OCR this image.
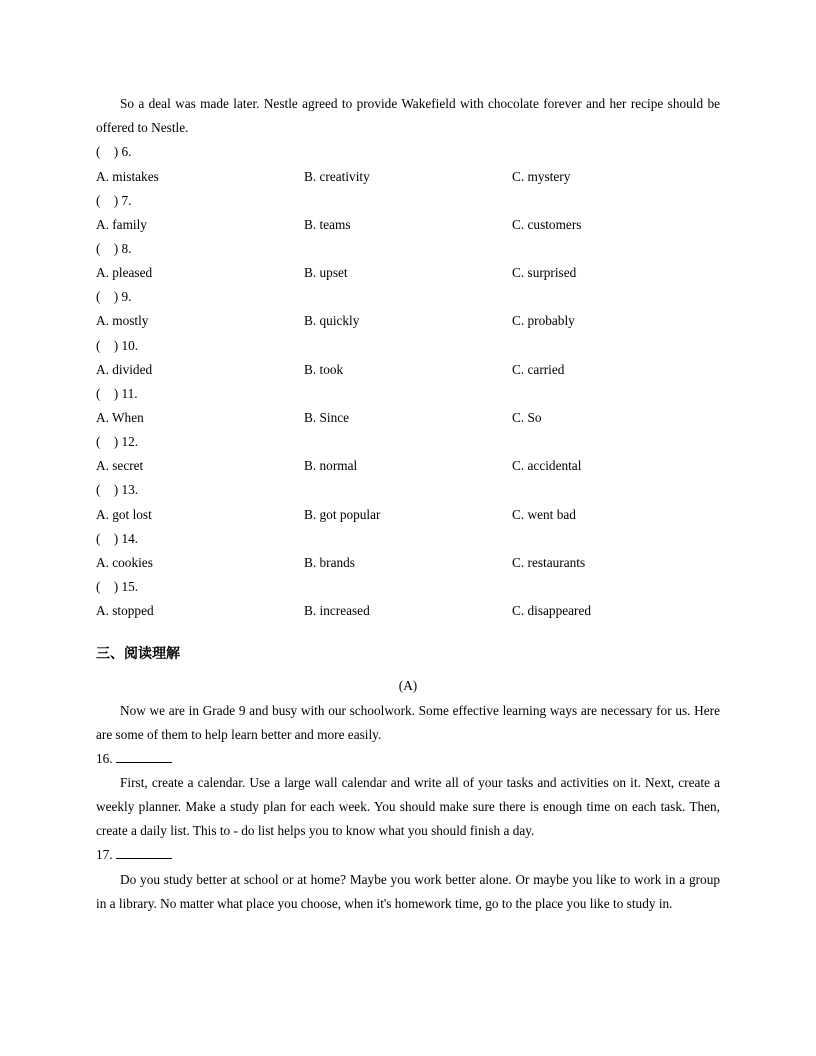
So a deal was made later. Nestle agreed to provide Wakefield with chocolate forever and her recipe should be offered to Nestle.

(    ) 6.
A. mistakes	B. creativity	C. mystery
(    ) 7.
A. family	B. teams	C. customers
(    ) 8.
A. pleased	B. upset	C. surprised
(    ) 9.
A. mostly	B. quickly	C. probably
(    ) 10.
A. divided	B. took	C. carried
(    ) 11.
A. When	B. Since	C. So
(    ) 12.
A. secret	B. normal	C. accidental
(    ) 13.
A. got lost	B. got popular	C. went bad
(    ) 14.
A. cookies	B. brands	C. restaurants
(    ) 15.
A. stopped	B. increased	C. disappeared
三、阅读理解
(A)

Now we are in Grade 9 and busy with our schoolwork. Some effective learning ways are necessary for us. Here are some of them to help learn better and more easily.

16.

First, create a calendar. Use a large wall calendar and write all of your tasks and activities on it. Next, create a weekly planner. Make a study plan for each week. You should make sure there is enough time on each task. Then, create a daily list. This to - do list helps you to know what you should finish a day.

17.

Do you study better at school or at home? Maybe you work better alone. Or maybe you like to work in a group in a library. No matter what place you choose, when it's homework time, go to the place you like to study in.
